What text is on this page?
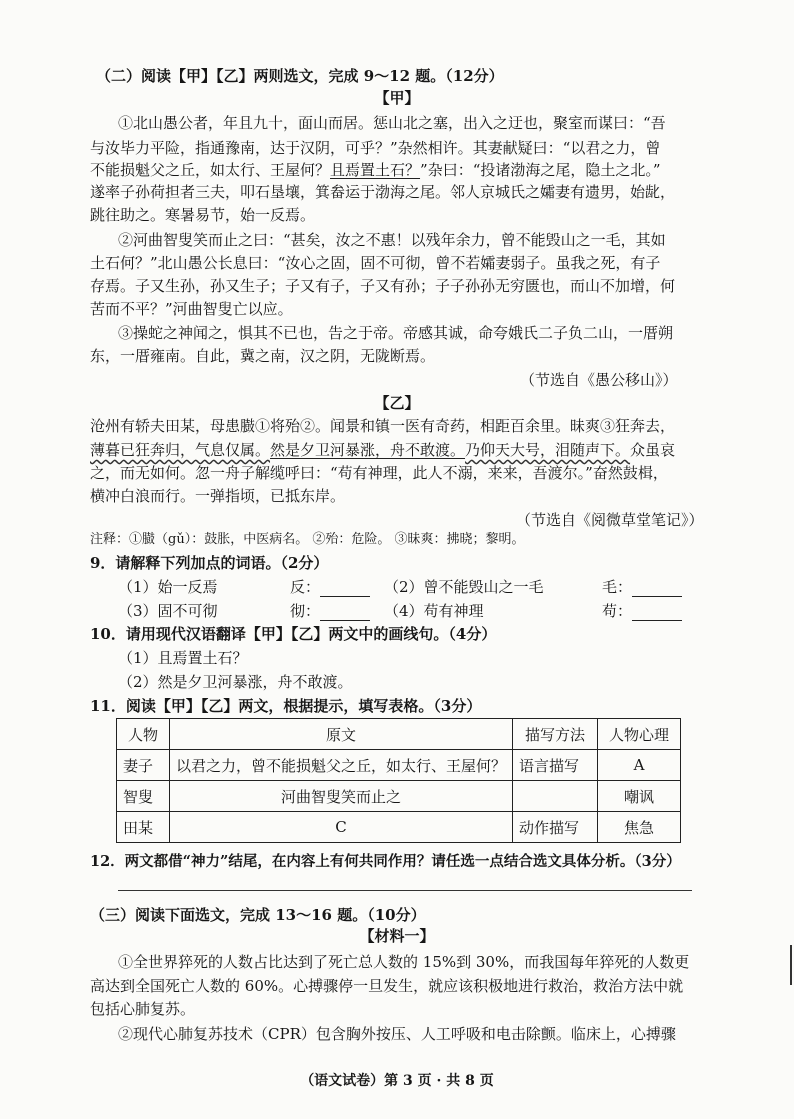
（二）阅读【甲】【乙】两则选文，完成 9～12 题。（12分）
【甲】
①北山愚公者，年且九十，面山而居。惩山北之塞，出入之迂也，聚室而谋曰：“吾
与汝毕力平险，指通豫南，达于汉阴，可乎？”杂然相许。其妻献疑曰：“以君之力，曾
不能损魁父之丘，如太行、王屋何？且焉置土石？”杂曰：“投诸渤海之尾，隐土之北。”
遂率子孙荷担者三夫，叩石垦壤，箕畚运于渤海之尾。邻人京城氏之孀妻有遗男，始龀，
跳往助之。寒暑易节，始一反焉。
②河曲智叟笑而止之曰：“甚矣，汝之不惠！以残年余力，曾不能毁山之一毛，其如
土石何？”北山愚公长息曰：“汝心之固，固不可彻，曾不若孀妻弱子。虽我之死，有子
存焉。子又生孙，孙又生子；子又有子，子又有孙；子子孙孙无穷匮也，而山不加增，何
苦而不平？”河曲智叟亡以应。
③操蛇之神闻之，惧其不已也，告之于帝。帝感其诚，命夸娥氏二子负二山，一厝朔
东，一厝雍南。自此，冀之南，汉之阴，无陇断焉。
（节选自《愚公移山》）
【乙】
沧州有轿夫田某，母患臌①将殆②。闻景和镇一医有奇药，相距百余里。昧爽③狂奔去，
薄暮已狂奔归，气息仅属。然是夕卫河暴涨，舟不敢渡。乃仰天大号，泪随声下。众虽哀
之，而无如何。忽一舟子解缆呼曰：“苟有神理，此人不溺，来来，吾渡尔。”奋然鼓楫，
横冲白浪而行。一弹指顷，已抵东岸。
（节选自《阅微草堂笔记》）
注释：①臌（gǔ）：鼓胀，中医病名。 ②殆：危险。 ③昧爽：拂晓；黎明。
9．请解释下列加点的词语。（2分）
（1）始一反焉	反：	（2）曾不能毁山之一毛	毛：
（3）固不可彻	彻：	（4）苟有神理	苟：
10．请用现代汉语翻译【甲】【乙】两文中的画线句。（4分）
（1）且焉置土石？
（2）然是夕卫河暴涨，舟不敢渡。
11．阅读【甲】【乙】两文，根据提示，填写表格。（3分）
人物	原文	描写方法	人物心理
妻子	以君之力，曾不能损魁父之丘，如太行、王屋何？	语言描写	A
智叟	河曲智叟笑而止之		嘲讽
田某	C	动作描写	焦急
12．两文都借“神力”结尾，在内容上有何共同作用？请任选一点结合选文具体分析。（3分）
（三）阅读下面选文，完成 13～16 题。（10分）
【材料一】
①全世界猝死的人数占比达到了死亡总人数的 15%到 30%，而我国每年猝死的人数更
高达到全国死亡人数的 60%。心搏骤停一旦发生，就应该积极地进行救治，救治方法中就
包括心肺复苏。
②现代心肺复苏技术（CPR）包含胸外按压、人工呼吸和电击除颤。临床上，心搏骤
（语文试卷）第 3 页 · 共 8 页
